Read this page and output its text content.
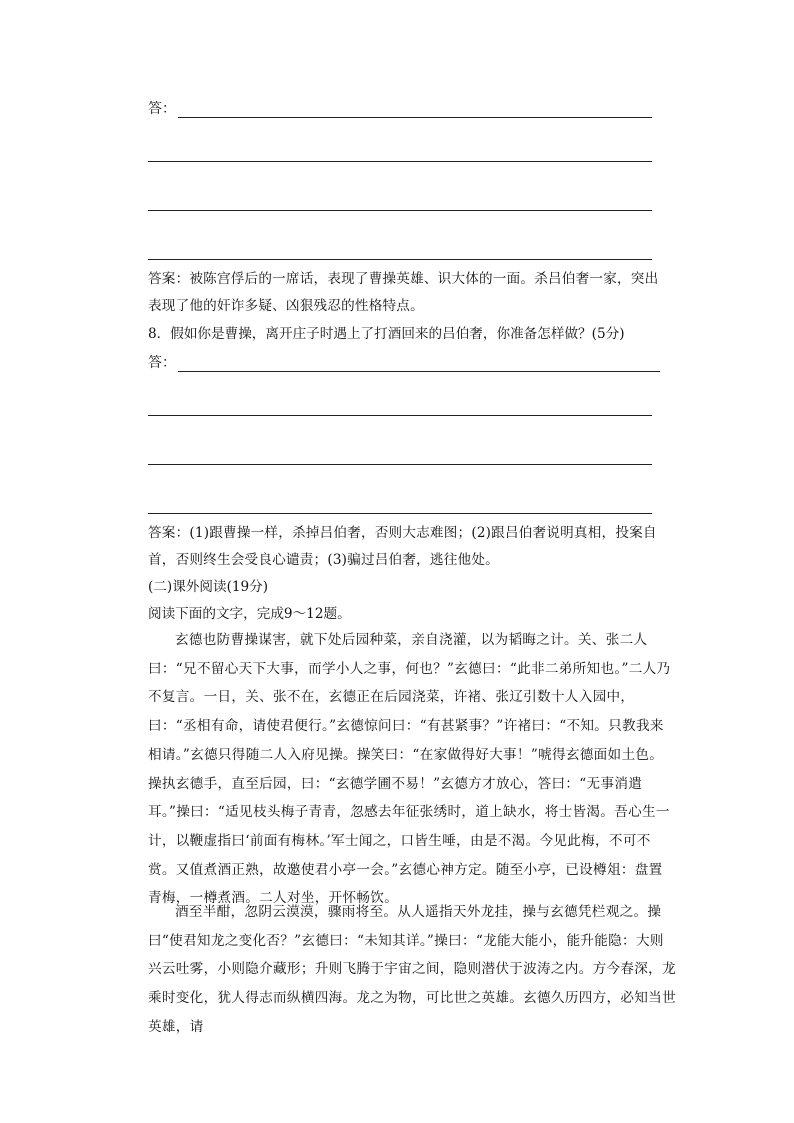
答：
答案：被陈宫俘后的一席话，表现了曹操英雄、识大体的一面。杀吕伯奢一家，突出表现了他的奸诈多疑、凶狠残忍的性格特点。
8．假如你是曹操，离开庄子时遇上了打酒回来的吕伯奢，你准备怎样做？(5分)
答：
答案：(1)跟曹操一样，杀掉吕伯奢，否则大志难图；(2)跟吕伯奢说明真相，投案自首，否则终生会受良心谴责；(3)骗过吕伯奢，逃往他处。
(二)课外阅读(19分)
阅读下面的文字，完成9～12题。
玄德也防曹操谋害，就下处后园种菜，亲自浇灌，以为韬晦之计。关、张二人曰：“兄不留心天下大事，而学小人之事，何也？”玄德曰：“此非二弟所知也。”二人乃不复言。一日，关、张不在，玄德正在后园浇菜，许褚、张辽引数十人入园中，曰：“丞相有命，请使君便行。”玄德惊问曰：“有甚紧事？”许褚曰：“不知。只教我来相请。”玄德只得随二人入府见操。操笑曰：“在家做得好大事！”唬得玄德面如土色。操执玄德手，直至后园，曰：“玄德学圃不易！”玄德方才放心，答曰：“无事消遣耳。”操曰：“适见枝头梅子青青，忽感去年征张绣时，道上缺水，将士皆渴。吾心生一计，以鞭虚指曰‘前面有梅林。’军士闻之，口皆生唾，由是不渴。今见此梅，不可不赏。又值煮酒正熟，故邀使君小亭一会。”玄德心神方定。随至小亭，已设樽俎：盘置青梅，一樽煮酒。二人对坐，开怀畅饮。
酒至半酣，忽阴云漠漠，骤雨将至。从人遥指天外龙挂，操与玄德凭栏观之。操曰“使君知龙之变化否？”玄德曰：“未知其详。”操曰：“龙能大能小，能升能隐：大则兴云吐雾，小则隐介藏形；升则飞腾于宇宙之间，隐则潜伏于波涛之内。方今春深，龙乘时变化，犹人得志而纵横四海。龙之为物，可比世之英雄。玄德久历四方，必知当世英雄，请
